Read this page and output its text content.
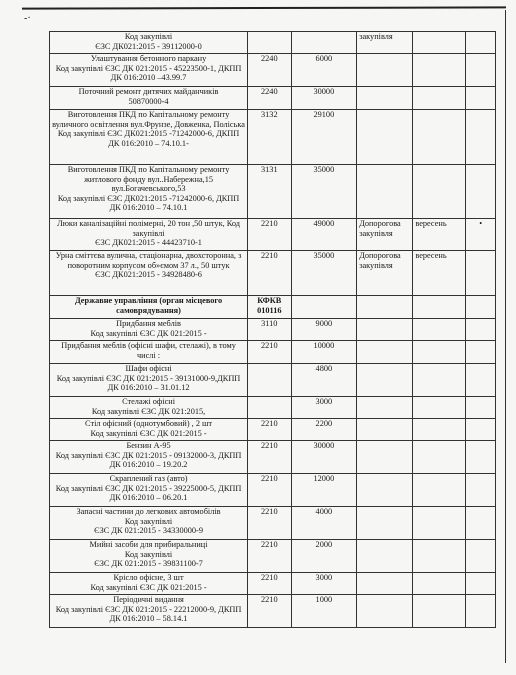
-·
Код закупівлі
ЄЗС ДК021:2015 - 39112000-0			закупівля		
Улаштування бетонного паркану
Код закупівлі ЄЗС ДК 021:2015 - 45223500-1, ДКПП ДК 016:2010 –43.99.7	2240	6000			
Поточний ремонт дитячих майданчиків
50870000-4	2240	30000			
Виготовлення ПКД по Капітальному ремонту вуличного освітлення вул.Фрунзе, Довженка, Поліська
Код закупівлі ЄЗС ДК021:2015 -71242000-6, ДКПП ДК 016:2010 – 74.10.1-	3132	29100			
Виготовлення ПКД по Капітальному ремонту житлового фонду вул..Набережна,15 вул.Богачевського,53
Код закупівлі ЄЗС ДК021:2015 -71242000-6, ДКПП ДК 016:2010 – 74.10.1	3131	35000			
Люки каналізаційні полімерні, 20 тон ,50 штук, Код закупівлі
ЄЗС ДК021:2015 - 44423710-1	2210	49000	Допорогова закупівля	вересень	•
Урна сміттєва вулична, стаціонарна, двохсторонна, з поворотним корпусом об»ємом 37 л., 50 штук
ЄЗС ДК021:2015 - 34928480-6	2210	35000	Допорогова закупівля	вересень	
Державне управління (орган місцевого самоврядування)	КФКВ 010116				
Придбання меблів
Код закупівлі ЄЗС ДК 021:2015 -	3110	9000			
Придбання меблів (офісні шафи, стелажі), в тому числі :	2210	10000			
Шафи офісні
Код закупівлі ЄЗС ДК 021:2015 - 39131000-9,ДКПП ДК 016:2010 – 31.01.12		4800			
Стелажі офісні
Код закупівлі ЄЗС ДК 021:2015,		3000			
Стіл офісний (однотумбовий) , 2 шт
Код закупівлі ЄЗС ДК 021:2015 -	2210	2200			
Бензин А-95
Код закупівлі ЄЗС ДК 021:2015 - 09132000-3, ДКПП ДК 016:2010 – 19.20.2	2210	30000			
Скраплений газ (авто)
Код закупівлі ЄЗС ДК 021:2015 - 39225000-5, ДКПП ДК 016:2010 – 06.20.1	2210	12000			
Запасні частини до легкових автомобілів
Код закупівлі
ЄЗС ДК 021:2015 - 34330000-9	2210	4000			
Мийні засоби для прибиральниці
Код закупівлі
ЄЗС ДК 021:2015 - 39831100-7	2210	2000			
Крісло офісне, 3 шт
Код закупівлі ЄЗС ДК 021:2015 -	2210	3000			
Періодичні видання
Код закупівлі ЄЗС ДК 021:2015 - 22212000-9, ДКПП ДК 016:2010 – 58.14.1	2210	1000			
